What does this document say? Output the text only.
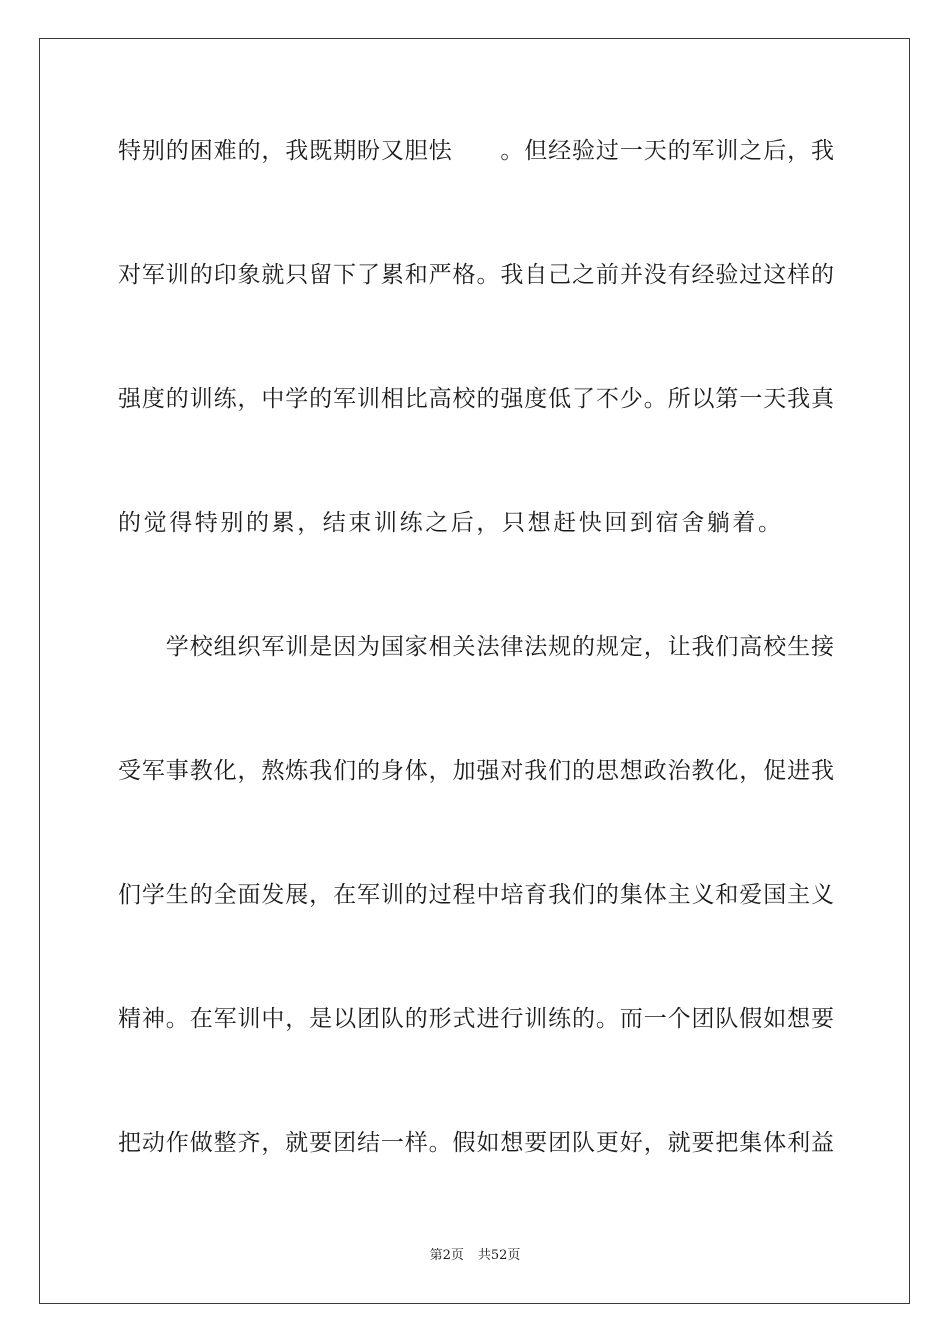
特别的困难的，我既期盼又胆怯　　。但经验过一天的军训之后，我
对军训的印象就只留下了累和严格。我自己之前并没有经验过这样的
强度的训练，中学的军训相比高校的强度低了不少。所以第一天我真
的觉得特别的累，结束训练之后，只想赶快回到宿舍躺着。
　　学校组织军训是因为国家相关法律法规的规定，让我们高校生接
受军事教化，熬炼我们的身体，加强对我们的思想政治教化，促进我
们学生的全面发展，在军训的过程中培育我们的集体主义和爱国主义
精神。在军训中，是以团队的形式进行训练的。而一个团队假如想要
把动作做整齐，就要团结一样。假如想要团队更好，就要把集体利益
第2页 共52页
